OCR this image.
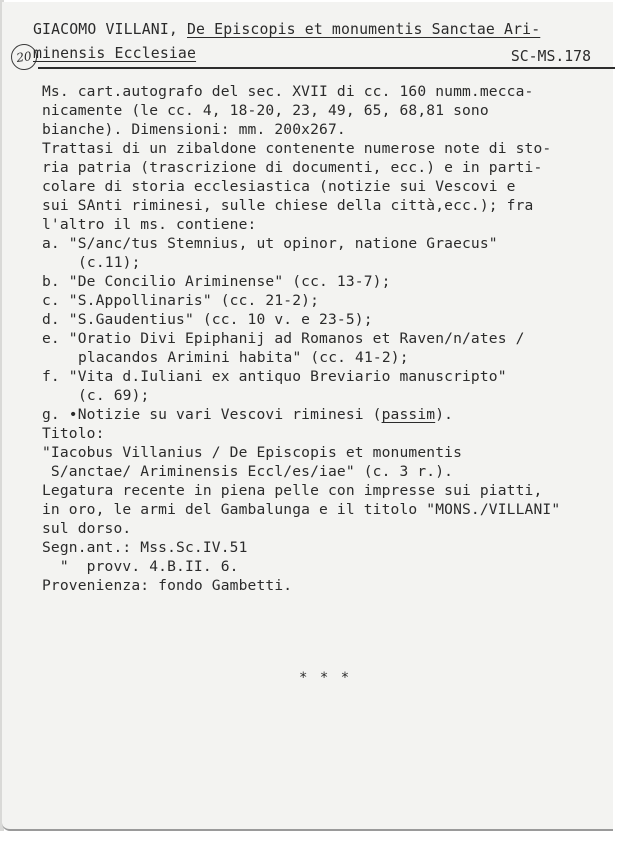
GIACOMO VILLANI, De Episcopis et monumentis Sanctae Ari-
20 minensis Ecclesiae	SC-MS.178
Ms. cart.autografo del sec. XVII di cc. 160 numm.mecca-
nicamente (le cc. 4, 18-20, 23, 49, 65, 68,81 sono
bianche). Dimensioni: mm. 200x267.
Trattasi di un zibaldone contenente numerose note di sto-
ria patria (trascrizione di documenti, ecc.) e in parti-
colare di storia ecclesiastica (notizie sui Vescovi e
sui SAnti riminesi, sulle chiese della città,ecc.); fra
l'altro il ms. contiene:
a. "S/anc/tus Stemnius, ut opinor, natione Graecus"
(c.11);
b. "De Concilio Ariminense" (cc. 13-7);
c. "S.Appollinaris" (cc. 21-2);
d. "S.Gaudentius" (cc. 10 v. e 23-5);
e. "Oratio Divi Epiphanij ad Romanos et Raven/n/ates /
placandos Arimini habita" (cc. 41-2);
f. "Vita d.Iuliani ex antiquo Breviario manuscripto"
(c. 69);
g. •Notizie su vari Vescovi riminesi (passim).
Titolo:
"Iacobus Villanius / De Episcopis et monumentis
S/anctae/ Ariminensis Eccl/es/iae" (c. 3 r.).
Legatura recente in piena pelle con impresse sui piatti,
in oro, le armi del Gambalunga e il titolo "MONS./VILLANI"
sul dorso.
Segn.ant.: Mss.Sc.IV.51
"  provv. 4.B.II. 6.
Provenienza: fondo Gambetti.
* * *
